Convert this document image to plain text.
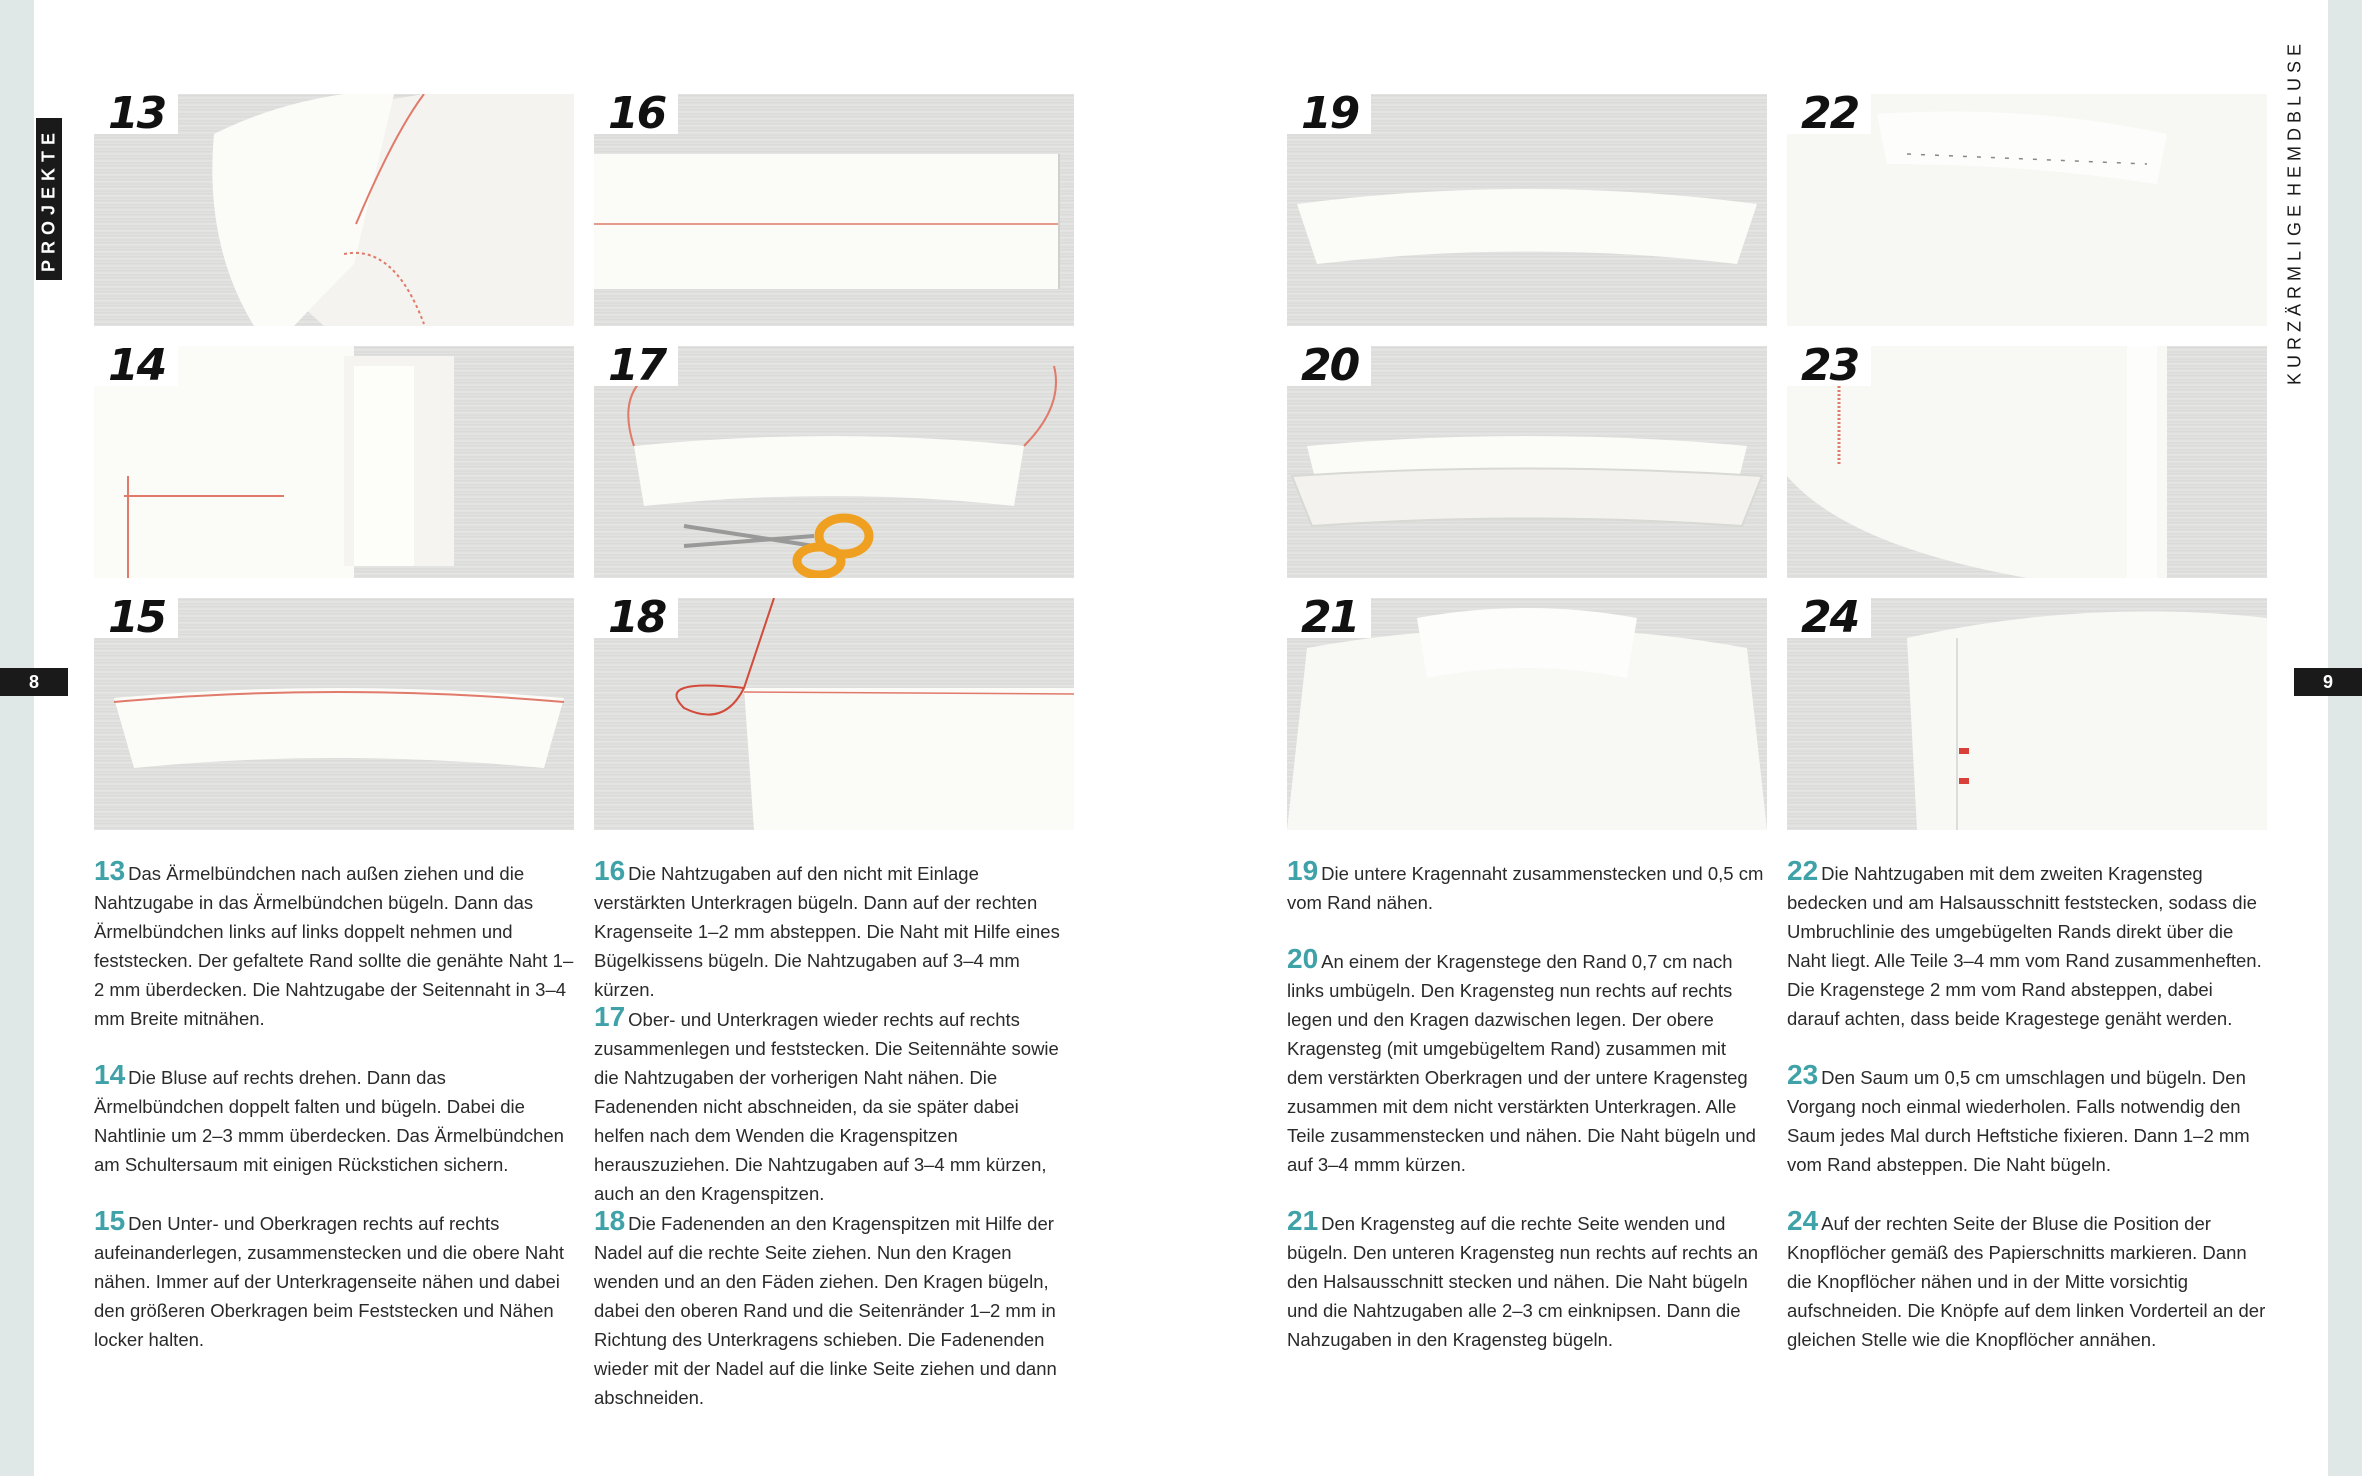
PROJEKTE
KURZÄRMLIGE
HEMDBLUSE
8	9
13
14
15
16
17
18
19
20
21
22
23
24
13 Das Ärmelbündchen nach außen ziehen und die Nahtzugabe in das Ärmelbündchen bügeln. Dann das Ärmelbündchen links auf links doppelt nehmen und feststecken. Der gefaltete Rand sollte die genähte Naht 1–2 mm überdecken. Die Nahtzugabe der Seitennaht in 3–4 mm Breite mitnähen.
14 Die Bluse auf rechts drehen. Dann das Ärmelbündchen doppelt falten und bügeln. Dabei die Nahtlinie um 2–3 mmm überdecken. Das Ärmelbündchen am Schultersaum mit einigen Rückstichen sichern.
15 Den Unter- und Oberkragen rechts auf rechts aufeinanderlegen, zusammenstecken und die obere Naht nähen. Immer auf der Unterkragenseite nähen und dabei den größeren Oberkragen beim Feststecken und Nähen locker halten.
16 Die Nahtzugaben auf den nicht mit Einlage verstärkten Unterkragen bügeln. Dann auf der rechten Kragenseite 1–2 mm absteppen. Die Naht mit Hilfe eines Bügelkissens bügeln. Die Nahtzugaben auf 3–4 mm kürzen.
17 Ober- und Unterkragen wieder rechts auf rechts zusammenlegen und feststecken. Die Seitennähte sowie die Nahtzugaben der vorherigen Naht nähen. Die Fadenenden nicht abschneiden, da sie später dabei helfen nach dem Wenden die Kragenspitzen herauszuziehen. Die Nahtzugaben auf 3–4 mm kürzen, auch an den Kragenspitzen.
18 Die Fadenenden an den Kragenspitzen mit Hilfe der Nadel auf die rechte Seite ziehen. Nun den Kragen wenden und an den Fäden ziehen. Den Kragen bügeln, dabei den oberen Rand und die Seitenränder 1–2 mm in Richtung des Unterkragens schieben. Die Fadenenden wieder mit der Nadel auf die linke Seite ziehen und dann abschneiden.
19 Die untere Kragennaht zusammenstecken und 0,5 cm vom Rand nähen.
20 An einem der Kragenstege den Rand 0,7 cm nach links umbügeln. Den Kragensteg nun rechts auf rechts legen und den Kragen dazwischen legen. Der obere Kragensteg (mit umgebügeltem Rand) zusammen mit dem verstärkten Oberkragen und der untere Kragensteg zusammen mit dem nicht verstärkten Unterkragen. Alle Teile zusammenstecken und nähen. Die Naht bügeln und auf 3–4 mmm kürzen.
21 Den Kragensteg auf die rechte Seite wenden und bügeln. Den unteren Kragensteg nun rechts auf rechts an den Halsausschnitt stecken und nähen. Die Naht bügeln und die Nahtzugaben alle 2–3 cm einknipsen. Dann die Nahzugaben in den Kragensteg bügeln.
22 Die Nahtzugaben mit dem zweiten Kragensteg bedecken und am Halsausschnitt feststecken, sodass die Umbruchlinie des umgebügelten Rands direkt über die Naht liegt. Alle Teile 3–4 mm vom Rand zusammenheften. Die Kragenstege 2 mm vom Rand absteppen, dabei darauf achten, dass beide Kragestege genäht werden.
23 Den Saum um 0,5 cm umschlagen und bügeln. Den Vorgang noch einmal wiederholen. Falls notwendig den Saum jedes Mal durch Heftstiche fixieren. Dann 1–2 mm vom Rand absteppen. Die Naht bügeln.
24 Auf der rechten Seite der Bluse die Position der Knopflöcher gemäß des Papierschnitts markieren. Dann die Knopflöcher nähen und in der Mitte vorsichtig aufschneiden. Die Knöpfe auf dem linken Vorderteil an der gleichen Stelle wie die Knopflöcher annähen.
